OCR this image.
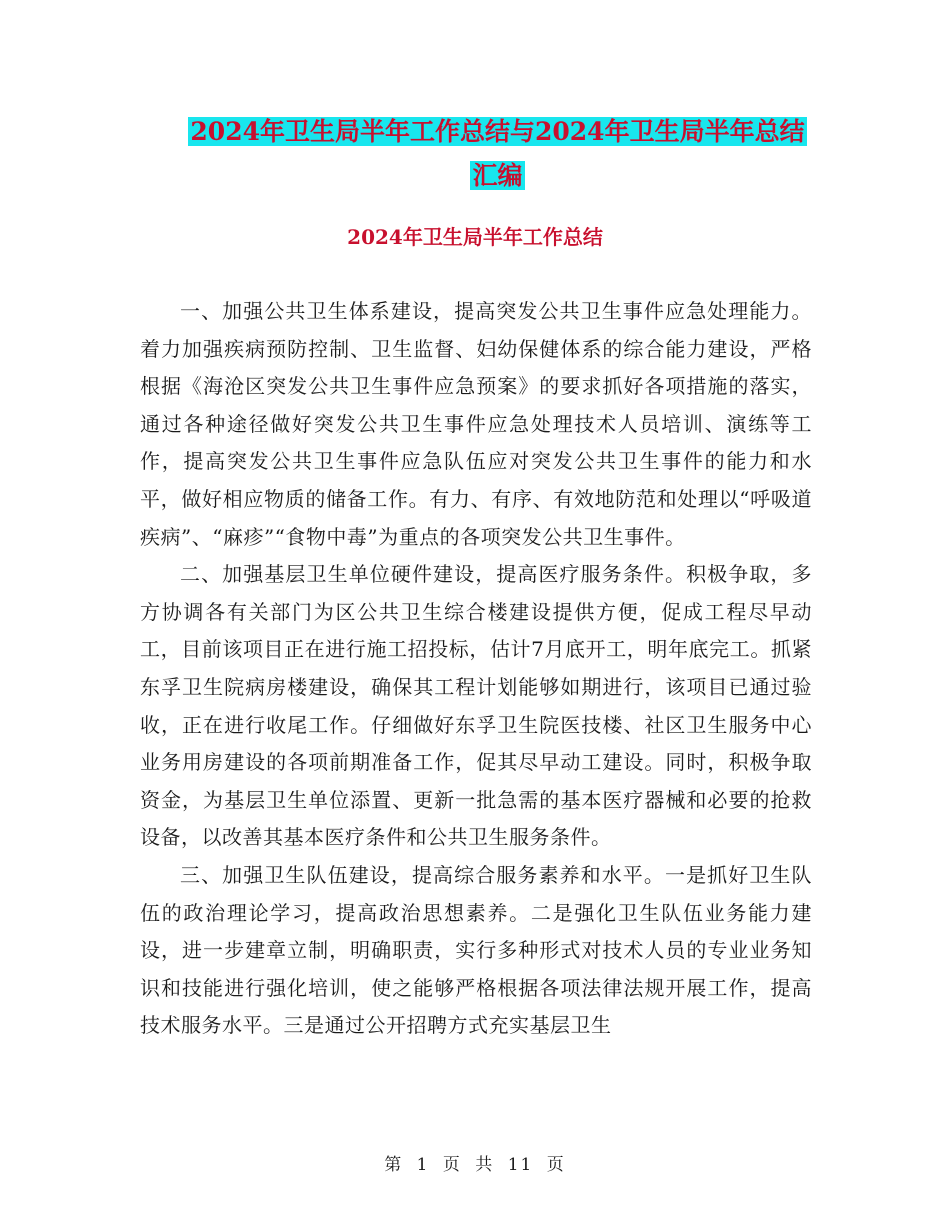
2024年卫生局半年工作总结与2024年卫生局半年总结
汇编
2024年卫生局半年工作总结

一、加强公共卫生体系建设，提高突发公共卫生事件应急处理能力。着力加强疾病预防控制、卫生监督、妇幼保健体系的综合能力建设，严格根据《海沧区突发公共卫生事件应急预案》的要求抓好各项措施的落实，通过各种途径做好突发公共卫生事件应急处理技术人员培训、演练等工作，提高突发公共卫生事件应急队伍应对突发公共卫生事件的能力和水平，做好相应物质的储备工作。有力、有序、有效地防范和处理以“呼吸道疾病”、“麻疹”“食物中毒”为重点的各项突发公共卫生事件。

二、加强基层卫生单位硬件建设，提高医疗服务条件。积极争取，多方协调各有关部门为区公共卫生综合楼建设提供方便，促成工程尽早动工，目前该项目正在进行施工招投标，估计7月底开工，明年底完工。抓紧东孚卫生院病房楼建设，确保其工程计划能够如期进行，该项目已通过验收，正在进行收尾工作。仔细做好东孚卫生院医技楼、社区卫生服务中心业务用房建设的各项前期准备工作，促其尽早动工建设。同时，积极争取资金，为基层卫生单位添置、更新一批急需的基本医疗器械和必要的抢救设备，以改善其基本医疗条件和公共卫生服务条件。

三、加强卫生队伍建设，提高综合服务素养和水平。一是抓好卫生队伍的政治理论学习，提高政治思想素养。二是强化卫生队伍业务能力建设，进一步建章立制，明确职责，实行多种形式对技术人员的专业业务知识和技能进行强化培训，使之能够严格根据各项法律法规开展工作，提高技术服务水平。三是通过公开招聘方式充实基层卫生

第 1 页 共 11 页
